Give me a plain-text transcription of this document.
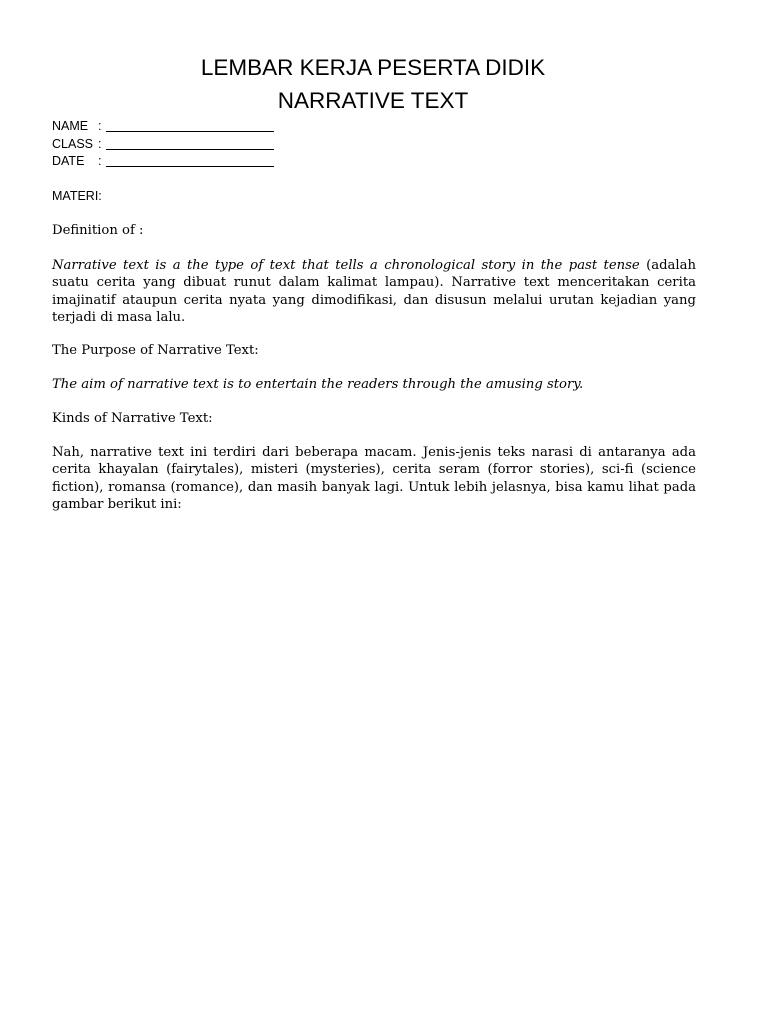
LEMBAR KERJA PESERTA DIDIK
NARRATIVE TEXT
NAME :
CLASS :
DATE :

MATERI:

Definition of :

Narrative text is a the type of text that tells a chronological story in the past tense (adalah suatu cerita yang dibuat runut dalam kalimat lampau). Narrative text menceritakan cerita imajinatif ataupun cerita nyata yang dimodifikasi, dan disusun melalui urutan kejadian yang terjadi di masa lalu.

The Purpose of Narrative Text:

The aim of narrative text is to entertain the readers through the amusing story.

Kinds of Narrative Text:

Nah, narrative text ini terdiri dari beberapa macam. Jenis-jenis teks narasi di antaranya ada cerita khayalan (fairytales), misteri (mysteries), cerita seram (forror stories), sci-fi (science fiction), romansa (romance), dan masih banyak lagi. Untuk lebih jelasnya, bisa kamu lihat pada gambar berikut ini:
